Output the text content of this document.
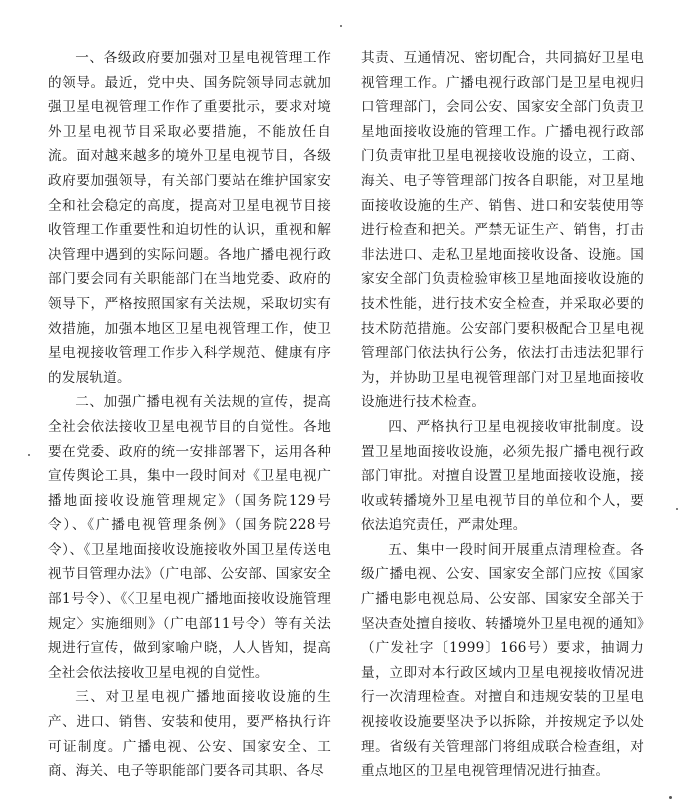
一、各级政府要加强对卫星电视管理工作的领导。最近，党中央、国务院领导同志就加强卫星电视管理工作作了重要批示，要求对境外卫星电视节目采取必要措施，不能放任自流。面对越来越多的境外卫星电视节目，各级政府要加强领导，有关部门要站在维护国家安全和社会稳定的高度，提高对卫星电视节目接收管理工作重要性和迫切性的认识，重视和解决管理中遇到的实际问题。各地广播电视行政部门要会同有关职能部门在当地党委、政府的领导下，严格按照国家有关法规，采取切实有效措施，加强本地区卫星电视管理工作，使卫星电视接收管理工作步入科学规范、健康有序的发展轨道。

二、加强广播电视有关法规的宣传，提高全社会依法接收卫星电视节目的自觉性。各地要在党委、政府的统一安排部署下，运用各种宣传舆论工具，集中一段时间对《卫星电视广播地面接收设施管理规定》（国务院129号令）、《广播电视管理条例》（国务院228号令）、《卫星地面接收设施接收外国卫星传送电视节目管理办法》（广电部、公安部、国家安全部1号令）、《〈卫星电视广播地面接收设施管理规定〉实施细则》（广电部11号令）等有关法规进行宣传，做到家喻户晓，人人皆知，提高全社会依法接收卫星电视的自觉性。

三、对卫星电视广播地面接收设施的生产、进口、销售、安装和使用，要严格执行许可证制度。广播电视、公安、国家安全、工商、海关、电子等职能部门要各司其职、各尽

其责、互通情况、密切配合，共同搞好卫星电视管理工作。广播电视行政部门是卫星电视归口管理部门，会同公安、国家安全部门负责卫星地面接收设施的管理工作。广播电视行政部门负责审批卫星电视接收设施的设立，工商、海关、电子等管理部门按各自职能，对卫星地面接收设施的生产、销售、进口和安装使用等进行检查和把关。严禁无证生产、销售，打击非法进口、走私卫星地面接收设备、设施。国家安全部门负责检验审核卫星地面接收设施的技术性能，进行技术安全检查，并采取必要的技术防范措施。公安部门要积极配合卫星电视管理部门依法执行公务，依法打击违法犯罪行为，并协助卫星电视管理部门对卫星地面接收设施进行技术检查。

四、严格执行卫星电视接收审批制度。设置卫星地面接收设施，必须先报广播电视行政部门审批。对擅自设置卫星地面接收设施，接收或转播境外卫星电视节目的单位和个人，要依法追究责任，严肃处理。

五、集中一段时间开展重点清理检查。各级广播电视、公安、国家安全部门应按《国家广播电影电视总局、公安部、国家安全部关于坚决查处擅自接收、转播境外卫星电视的通知》（广发社字〔1999〕166号）要求，抽调力量，立即对本行政区域内卫星电视接收情况进行一次清理检查。对擅自和违规安装的卫星电视接收设施要坚决予以拆除，并按规定予以处理。省级有关管理部门将组成联合检查组，对重点地区的卫星电视管理情况进行抽查。
